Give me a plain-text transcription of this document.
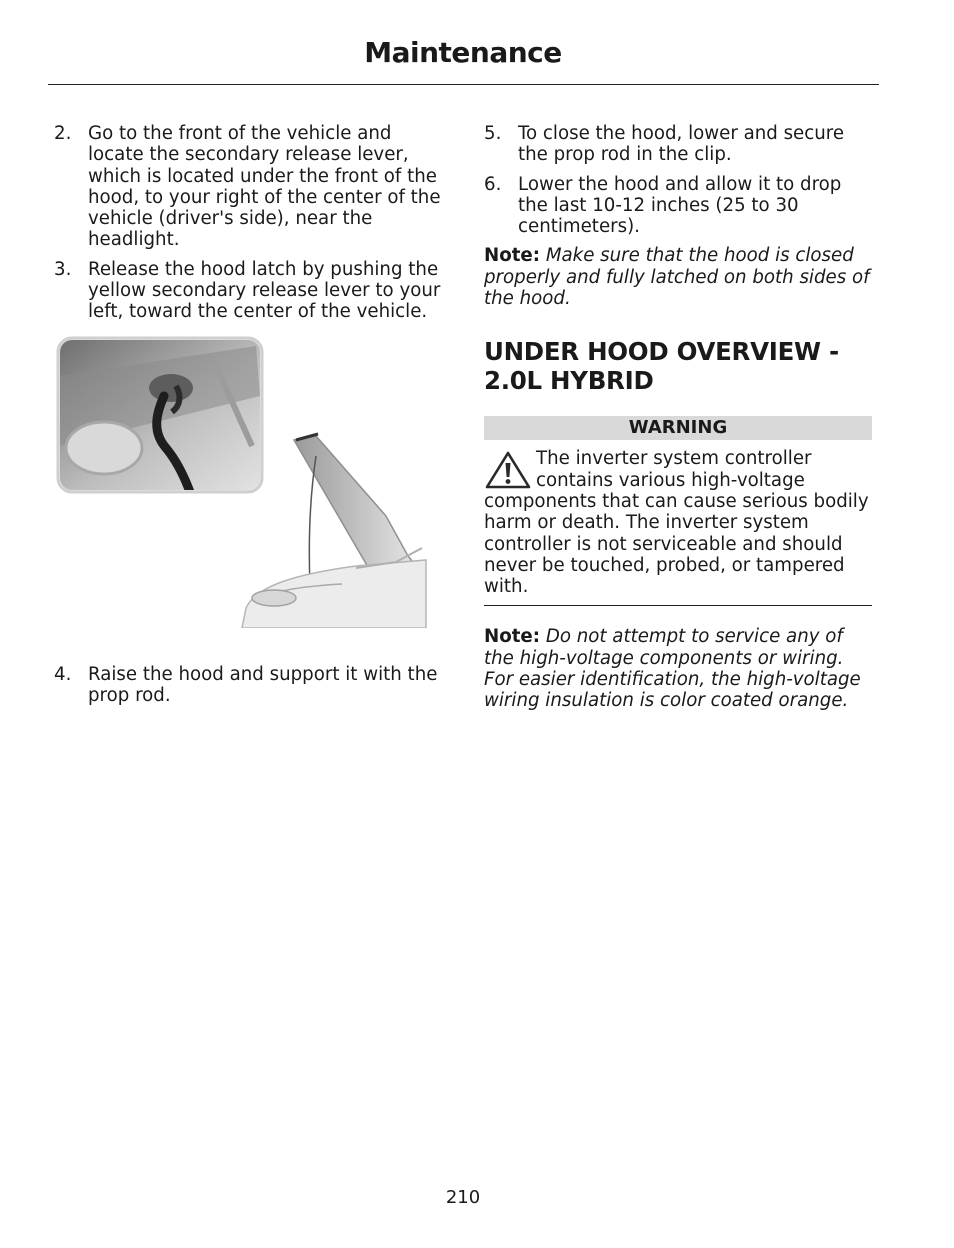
Maintenance
2. Go to the front of the vehicle and locate the secondary release lever, which is located under the front of the hood, to your right of the center of the vehicle (driver's side), near the headlight.
3. Release the hood latch by pushing the yellow secondary release lever to your left, toward the center of the vehicle.
4. Raise the hood and support it with the prop rod.
5. To close the hood, lower and secure the prop rod in the clip.
6. Lower the hood and allow it to drop the last 10-12 inches (25 to 30 centimeters).

Note: Make sure that the hood is closed properly and fully latched on both sides of the hood.

UNDER HOOD OVERVIEW - 2.0L HYBRID
WARNING
The inverter system controller contains various high-voltage components that can cause serious bodily harm or death. The inverter system controller is not serviceable and should never be touched, probed, or tampered with.

Note: Do not attempt to service any of the high-voltage components or wiring. For easier identification, the high-voltage wiring insulation is color coated orange.

210
